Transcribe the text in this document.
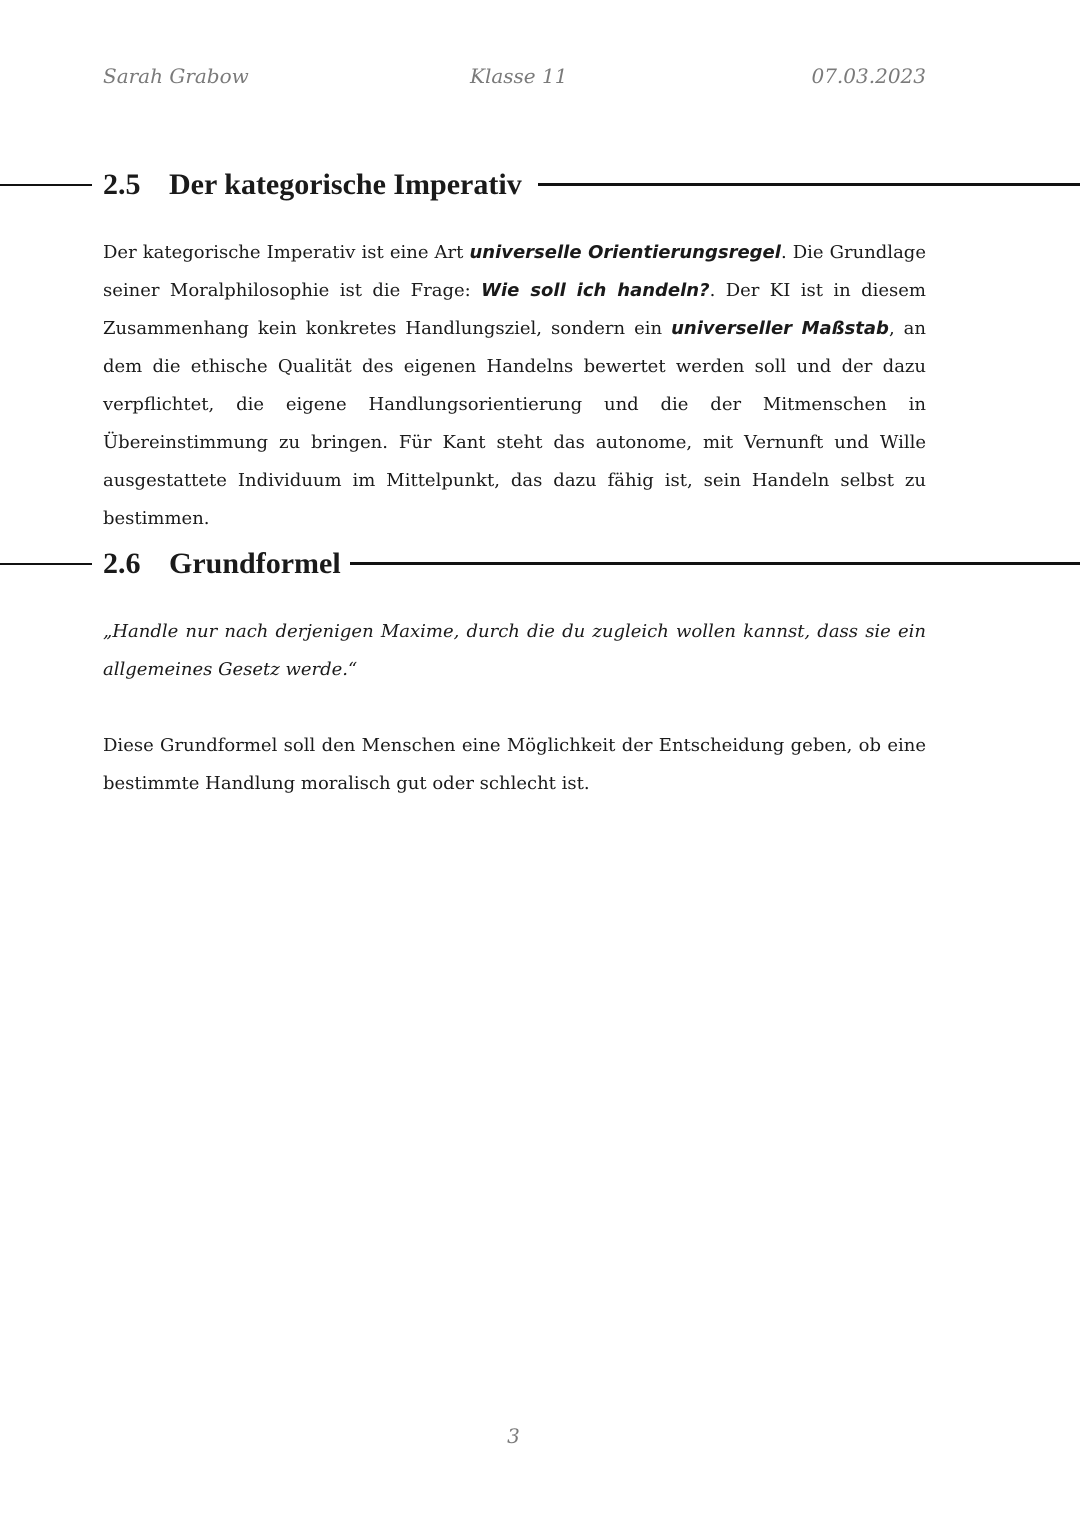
Sarah Grabow	Klasse 11	07.03.2023
2.5 Der kategorische Imperativ
Der kategorische Imperativ ist eine Art universelle Orientierungsregel. Die Grundlage seiner Moralphilosophie ist die Frage: Wie soll ich handeln?. Der KI ist in diesem Zusammenhang kein konkretes Handlungsziel, sondern ein universeller Maßstab, an dem die ethische Qualität des eigenen Handelns bewertet werden soll und der dazu verpflichtet, die eigene Handlungsorientierung und die der Mitmenschen in Übereinstimmung zu bringen. Für Kant steht das autonome, mit Vernunft und Wille ausgestattete Individuum im Mittelpunkt, das dazu fähig ist, sein Handeln selbst zu bestimmen.
2.6 Grundformel
„Handle nur nach derjenigen Maxime, durch die du zugleich wollen kannst, dass sie ein allgemeines Gesetz werde.“
Diese Grundformel soll den Menschen eine Möglichkeit der Entscheidung geben, ob eine bestimmte Handlung moralisch gut oder schlecht ist.
3
